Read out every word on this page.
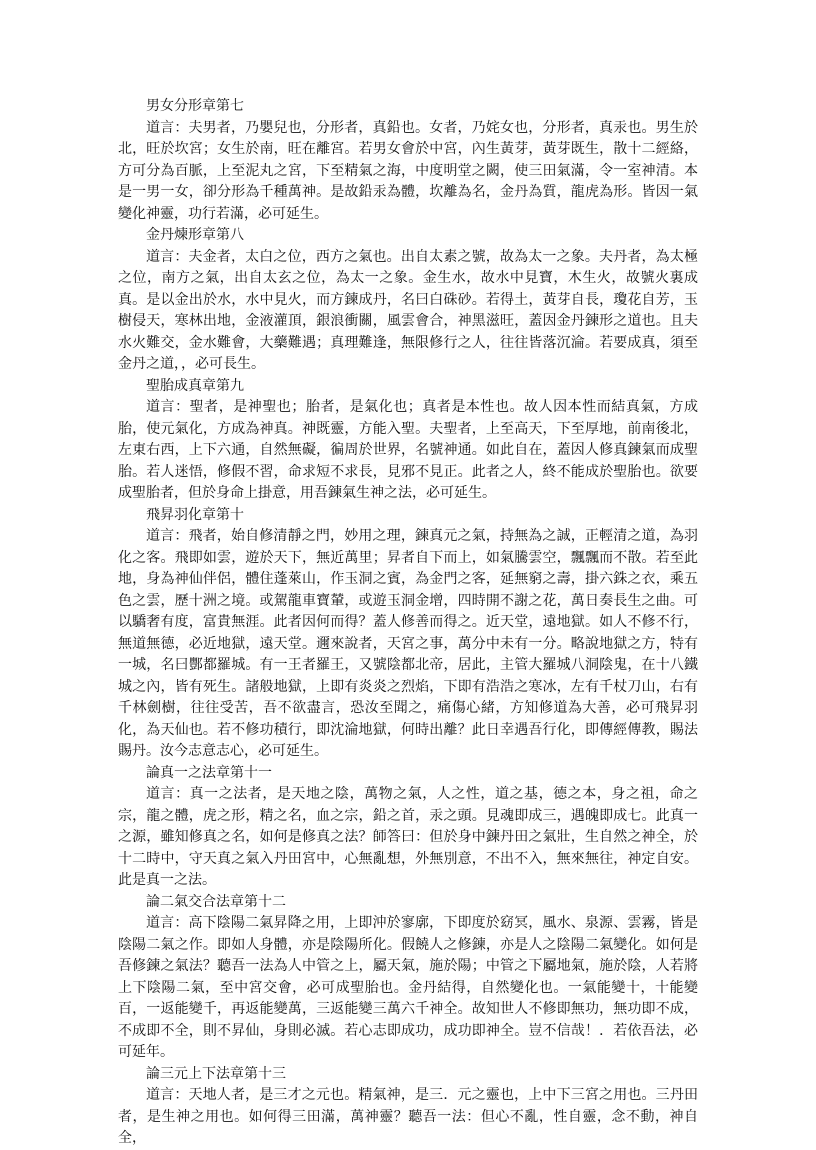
男女分形章第七

道言：夫男者，乃嬰兒也，分形者，真鉛也。女者，乃姹女也，分形者，真汞也。男生於北，旺於坎宮；女生於南，旺在離宮。若男女會於中宮，內生黃芽，黃芽既生，散十二經絡，方可分為百脈，上至泥丸之宮，下至精氣之海，中度明堂之闕，使三田氣滿，令一室神清。本是一男一女，卻分形為千種萬神。是故鉛汞為體，坎離為名，金丹為質，龍虎為形。皆因一氣變化神靈，功行若滿，必可延生。

金丹煉形章第八

道言：夫金者，太白之位，西方之氣也。出自太素之號，故為太一之象。夫丹者，為太極之位，南方之氣，出自太玄之位，為太一之象。金生水，故水中見寶，木生火，故號火裏成真。是以金出於水，水中見火，而方鍊成丹，名曰白硃砂。若得土，黃芽自長，瓊花自芳，玉樹侵天，寒林出地，金液灌頂，銀浪衝關，風雲會合，神黑滋旺，蓋因金丹鍊形之道也。且夫水火難交，金水難會，大藥難遇；真理難逢，無限修行之人，往往皆落沉淪。若要成真，須至金丹之道，，必可長生。

聖胎成真章第九

道言：聖者，是神聖也；胎者，是氣化也；真者是本性也。故人因本性而結真氣，方成胎，使元氣化，方成為神真。神既靈，方能入聖。夫聖者，上至高天，下至厚地，前南後北，左東右西，上下六通，自然無礙，徧周於世界，名號神通。如此自在，蓋因人修真鍊氣而成聖胎。若人迷悟，修假不習，命求短不求長，見邪不見正。此者之人，終不能成於聖胎也。欲要成聖胎者，但於身命上掛意，用吾鍊氣生神之法，必可延生。

飛昇羽化章第十

道言：飛者，始自修清靜之門，妙用之理，鍊真元之氣，持無為之誠，正輕清之道，為羽化之客。飛即如雲，遊於天下，無近萬里；昇者自下而上，如氣騰雲空，飄飄而不散。若至此地，身為神仙伴侶，體住蓬萊山，作玉洞之賓，為金門之客，延無窮之壽，掛六銖之衣，乘五色之雲，歷十洲之境。或駕龍車寶輦，或遊玉洞金增，四時開不謝之花，萬日奏長生之曲。可以驕奢有度，富貴無涯。此者因何而得？蓋人修善而得之。近天堂，遠地獄。如人不修不行，無道無德，必近地獄，遠天堂。邇來說者，天宮之事，萬分中未有一分。略說地獄之方，特有一城，名曰酆都羅城。有一王者羅王，又號陰都北帝，居此，主管大羅城八洞陰鬼，在十八鐵城之內，皆有死生。諸般地獄，上即有炎炎之烈焰，下即有浩浩之寒冰，左有千杖刀山，右有千林劍樹，往往受苦，吾不欲盡言，恐汝至聞之，痛傷心緒，方知修道為大善，必可飛昇羽化，為天仙也。若不修功積行，即沈淪地獄，何時出離？此日幸遇吾行化，即傳經傳教，賜法賜丹。汝今志意志心，必可延生。

論真一之法章第十一

道言：真一之法者，是天地之陰，萬物之氣，人之性，道之基，德之本，身之祖，命之宗，龍之體，虎之形，精之名，血之宗，鉛之首，汞之頭。見魂即成三，遇魄即成七。此真一之源，雖知修真之名，如何是修真之法？師答曰：但於身中鍊丹田之氣壯，生自然之神全，於十二時中，守天真之氣入丹田宮中，心無亂想，外無別意，不出不入，無來無往，神定自安。此是真一之法。

論二氣交合法章第十二

道言：高下陰陽二氣昇降之用，上即沖於寥廓，下即度於窈冥，風水、泉源、雲霧，皆是陰陽二氣之作。即如人身體，亦是陰陽所化。假饒人之修鍊，亦是人之陰陽二氣變化。如何是吾修鍊之氣法？聽吾一法為人中管之上，屬天氣，施於陽；中管之下屬地氣，施於陰，人若將上下陰陽二氣，至中宮交會，必可成聖胎也。金丹結得，自然變化也。一氣能變十，十能變百，一返能變千，再返能變萬，三返能變三萬六千神全。故知世人不修即無功，無功即不成，不成即不全，則不昇仙，身則必滅。若心志即成功，成功即神全。豈不信哉！．若依吾法，必可延年。

論三元上下法章第十三

道言：天地人者，是三才之元也。精氣神，是三．元之靈也，上中下三宮之用也。三丹田者，是生神之用也。如何得三田滿，萬神靈？聽吾一法：但心不亂，性自靈，念不動，神自全，
